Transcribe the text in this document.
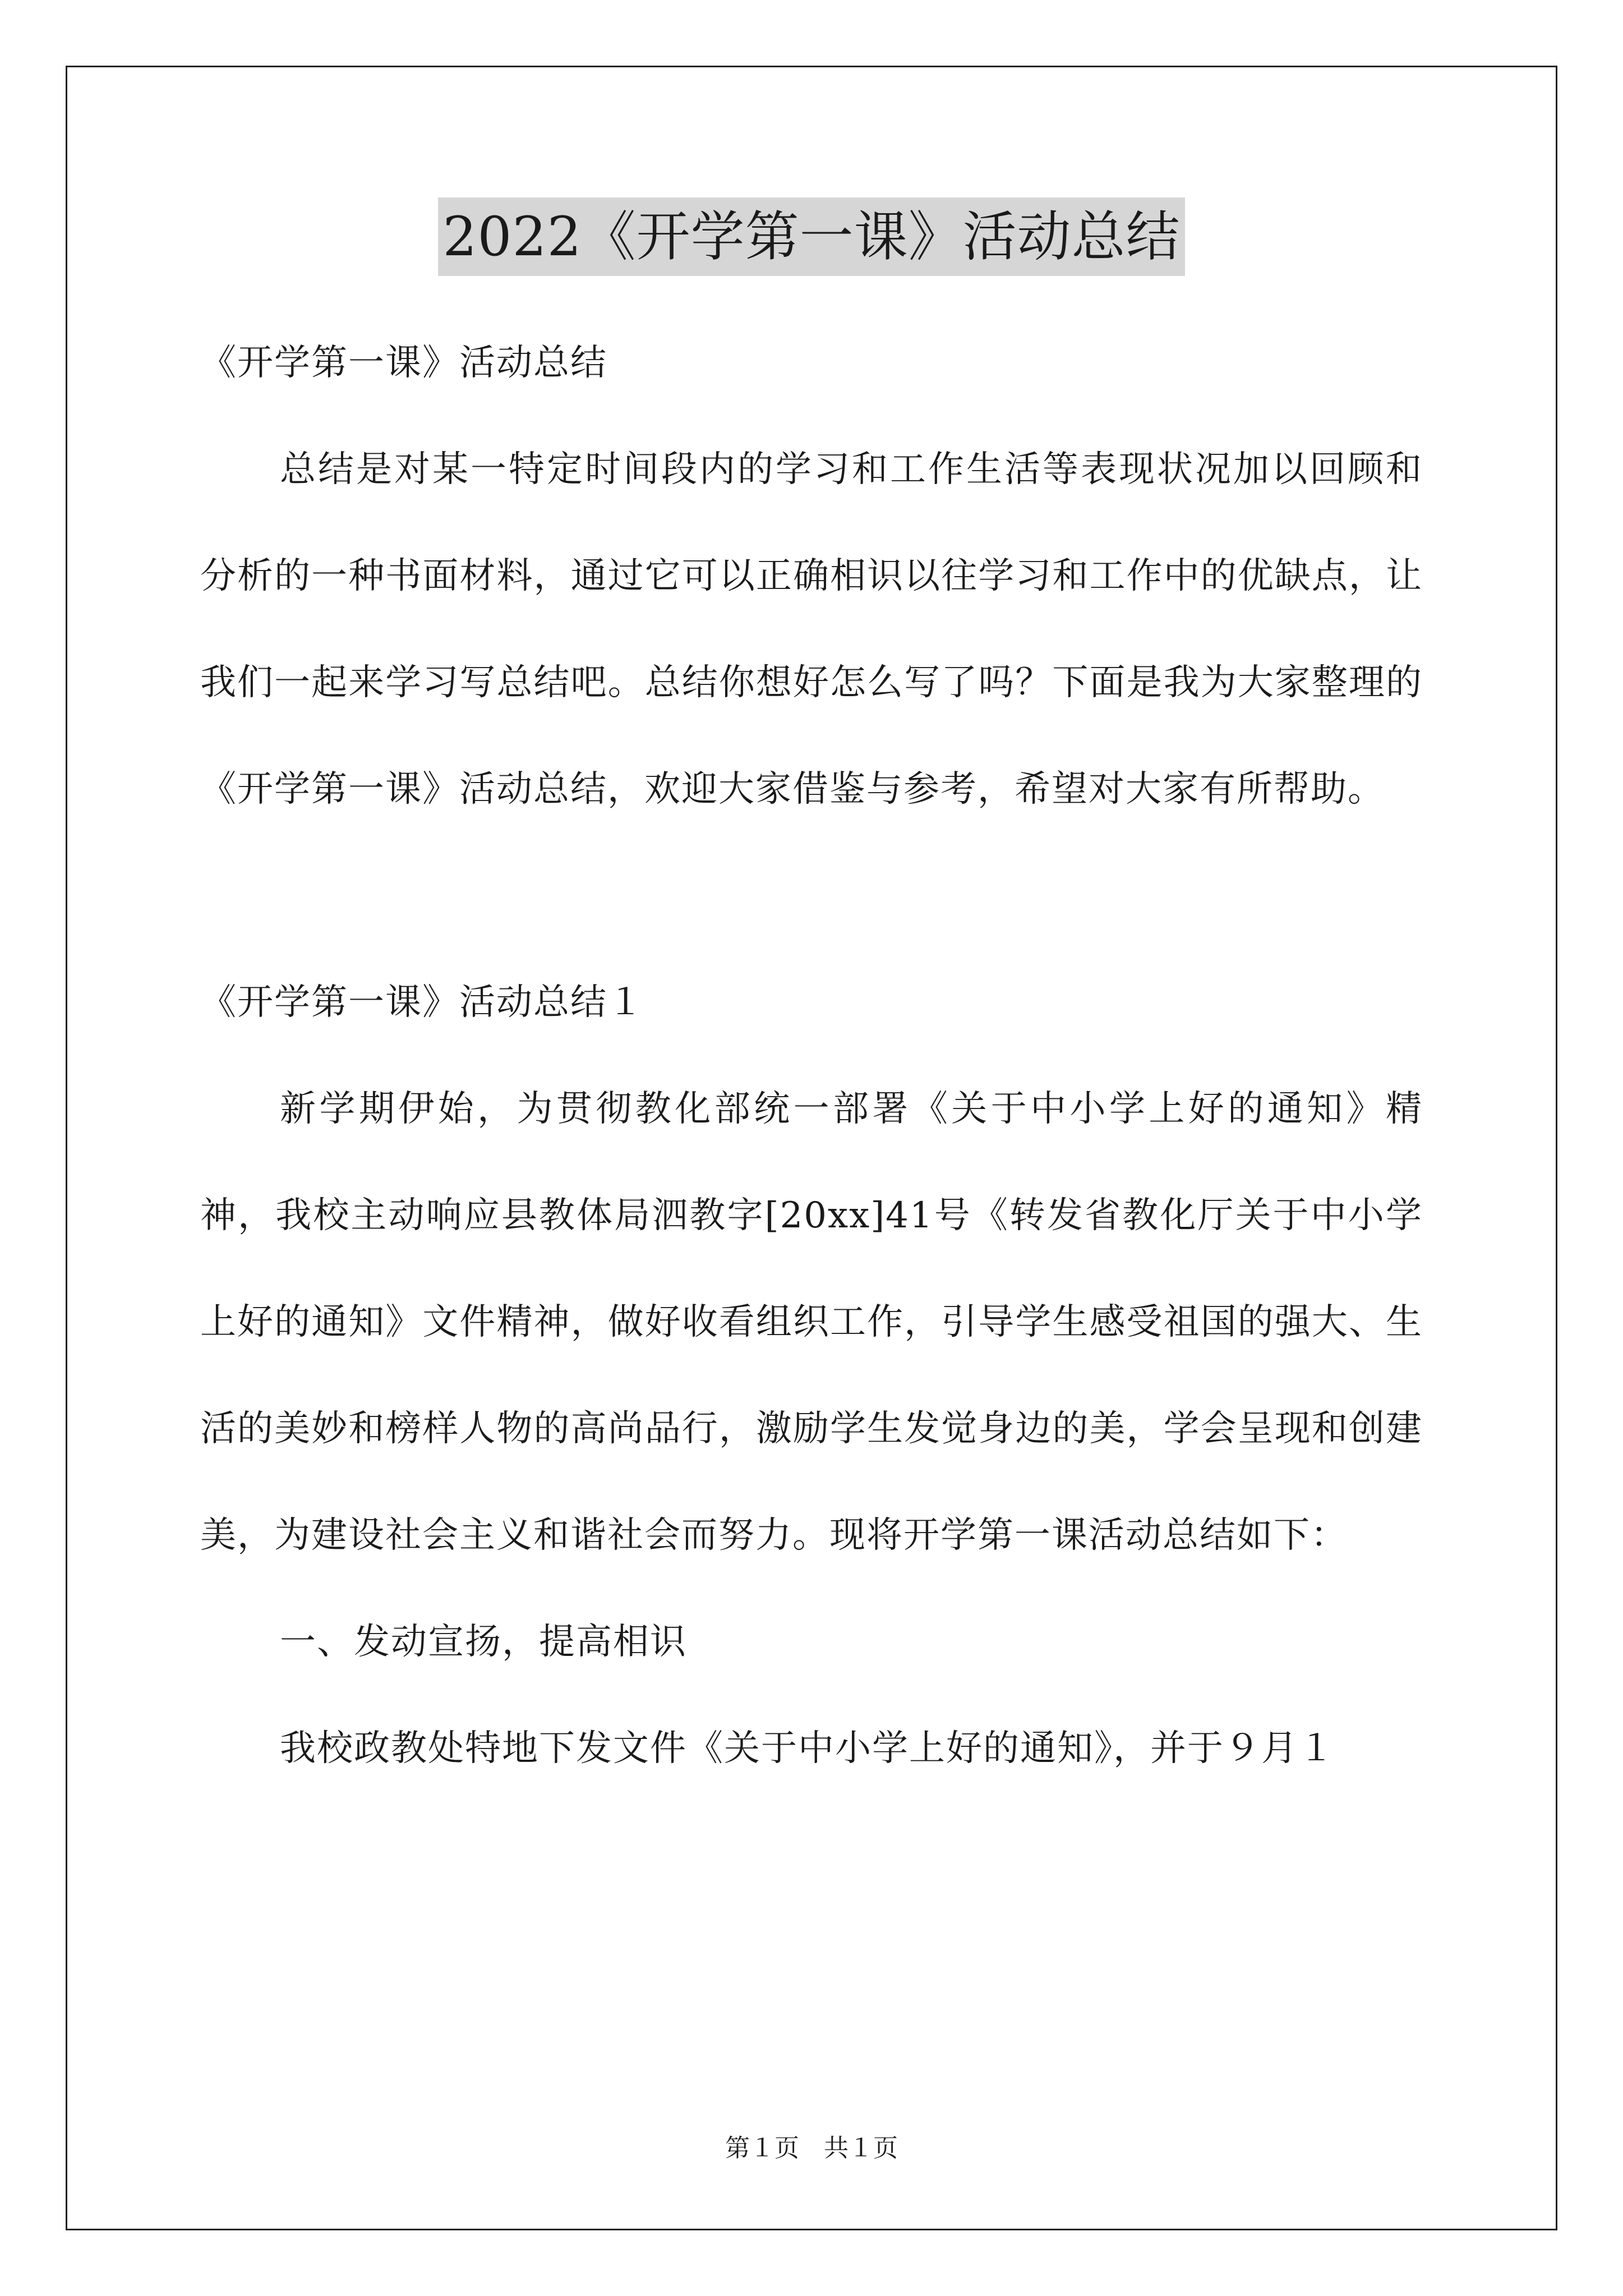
2022《开学第一课》活动总结

《开学第一课》活动总结

总结是对某一特定时间段内的学习和工作生活等表现状况加以回顾和分析的一种书面材料，通过它可以正确相识以往学习和工作中的优缺点，让我们一起来学习写总结吧。总结你想好怎么写了吗？下面是我为大家整理的《开学第一课》活动总结，欢迎大家借鉴与参考，希望对大家有所帮助。

《开学第一课》活动总结１

新学期伊始，为贯彻教化部统一部署《关于中小学上好的通知》精神，我校主动响应县教体局泗教字[20xx]41号《转发省教化厅关于中小学上好的通知》文件精神，做好收看组织工作，引导学生感受祖国的强大、生活的美妙和榜样人物的高尚品行，激励学生发觉身边的美，学会呈现和创建美，为建设社会主义和谐社会而努力。现将开学第一课活动总结如下：

一、发动宣扬，提高相识

我校政教处特地下发文件《关于中小学上好的通知》，并于９月１

第１页　共１页
